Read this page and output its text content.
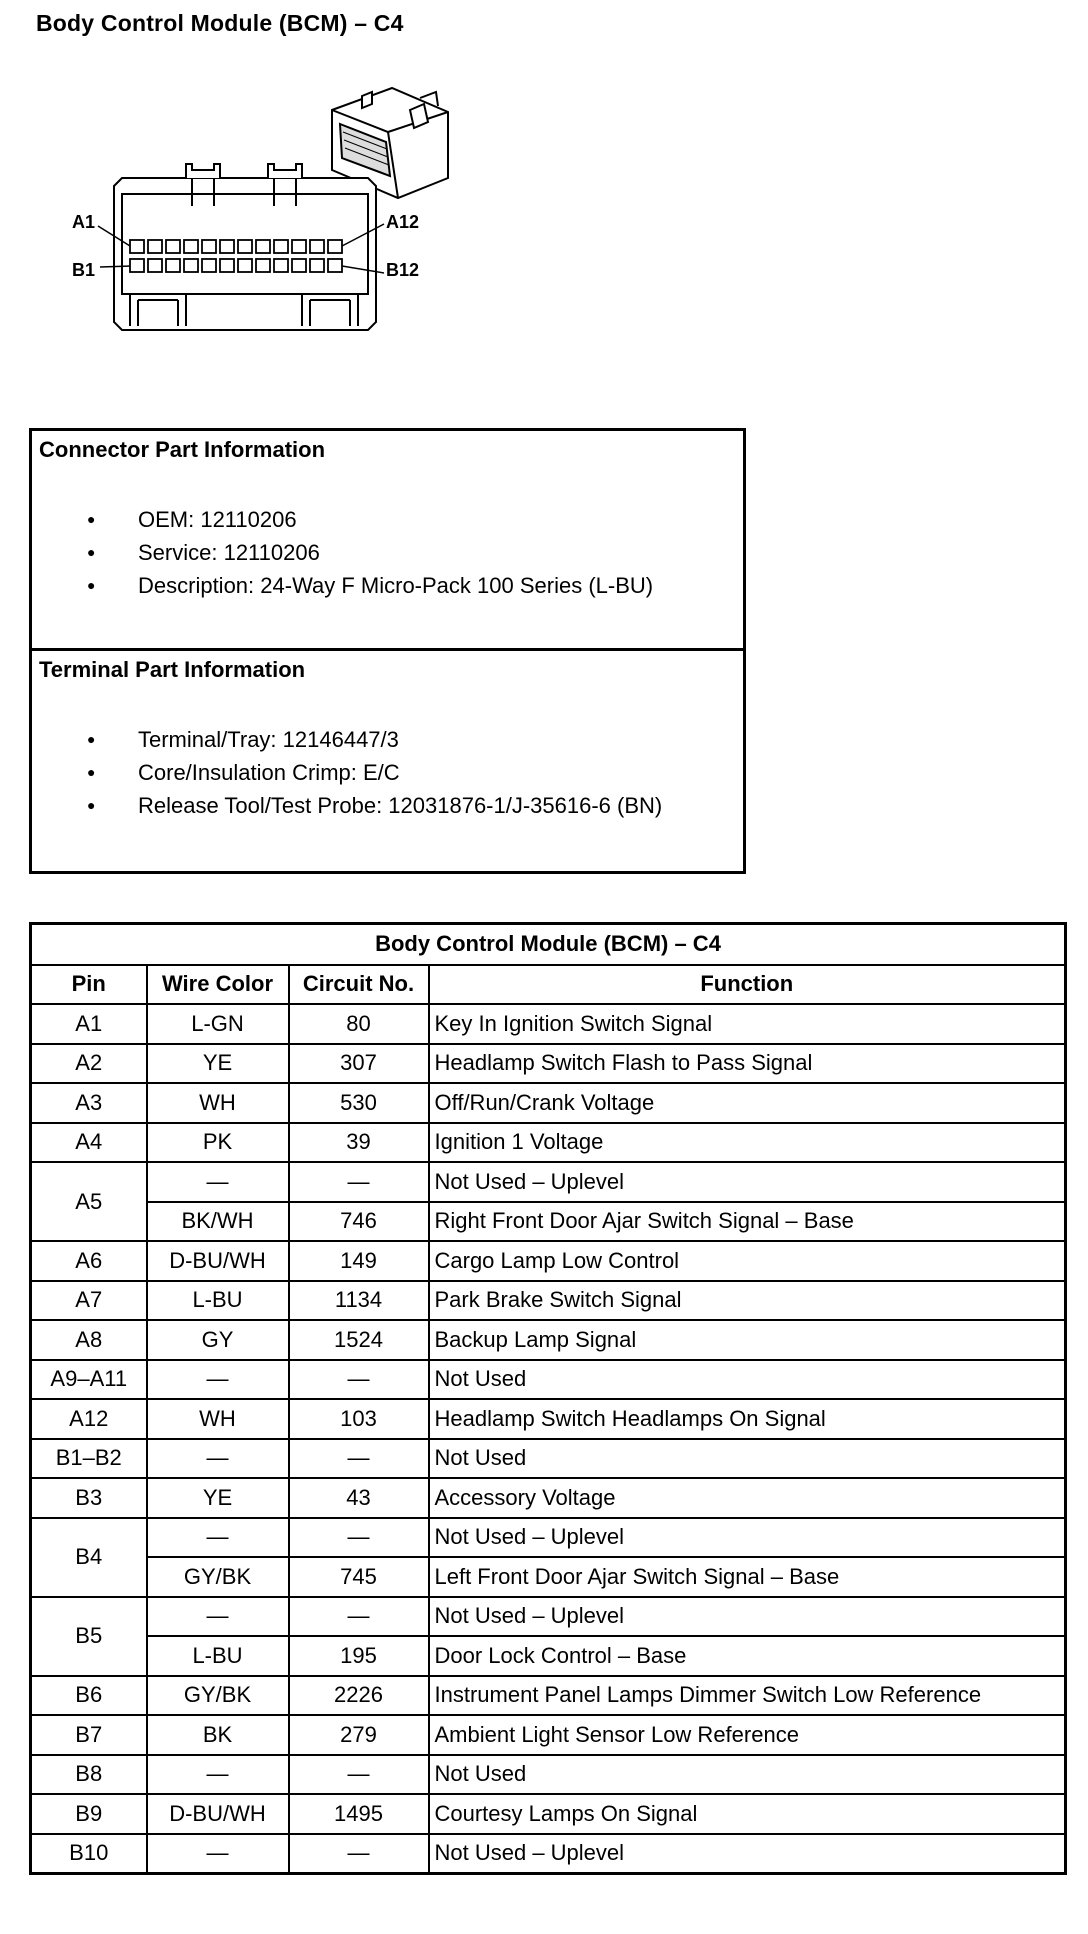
Body Control Module (BCM) – C4
A1	A12
B1	B12
Connector Part Information
● OEM: 12110206
● Service: 12110206
● Description: 24-Way F Micro-Pack 100 Series (L-BU)
Terminal Part Information
● Terminal/Tray: 12146447/3
● Core/Insulation Crimp: E/C
● Release Tool/Test Probe: 12031876-1/J-35616-6 (BN)
Body Control Module (BCM) – C4			
Pin	Wire Color	Circuit No.	Function
A1	L-GN	80	Key In Ignition Switch Signal
A2	YE	307	Headlamp Switch Flash to Pass Signal
A3	WH	530	Off/Run/Crank Voltage
A4	PK	39	Ignition 1 Voltage
A5	—	—	Not Used – Uplevel
	BK/WH	746	Right Front Door Ajar Switch Signal – Base
A6	D-BU/WH	149	Cargo Lamp Low Control
A7	L-BU	1134	Park Brake Switch Signal
A8	GY	1524	Backup Lamp Signal
A9–A11	—	—	Not Used
A12	WH	103	Headlamp Switch Headlamps On Signal
B1–B2	—	—	Not Used
B3	YE	43	Accessory Voltage
B4	—	—	Not Used – Uplevel
	GY/BK	745	Left Front Door Ajar Switch Signal – Base
B5	—	—	Not Used – Uplevel
	L-BU	195	Door Lock Control – Base
B6	GY/BK	2226	Instrument Panel Lamps Dimmer Switch Low Reference
B7	BK	279	Ambient Light Sensor Low Reference
B8	—	—	Not Used
B9	D-BU/WH	1495	Courtesy Lamps On Signal
B10	—	—	Not Used – Uplevel
